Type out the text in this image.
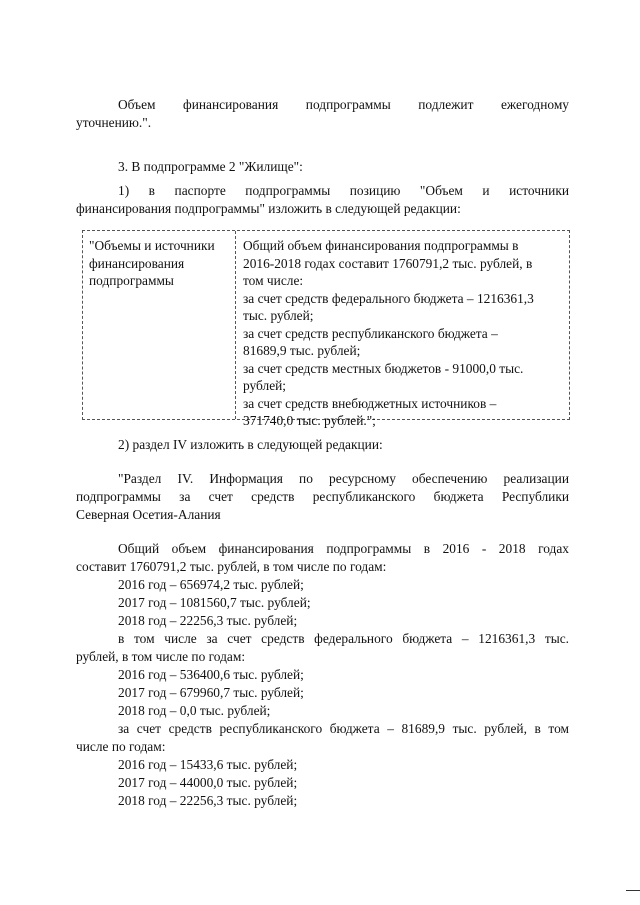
Объем финансирования подпрограммы подлежит ежегодному
уточнению.".

3. В подпрограмме 2 "Жилище":

1) в паспорте подпрограммы позицию "Объем и источники
финансирования подпрограммы" изложить в следующей редакции:

"Объемы и источники
финансирования
подпрограммы
Общий объем финансирования подпрограммы в
2016-2018 годах составит 1760791,2 тыс. рублей, в
том числе:
за счет средств федерального бюджета – 1216361,3
тыс. рублей;
за счет средств республиканского бюджета –
81689,9 тыс. рублей;
за счет средств местных бюджетов - 91000,0 тыс.
рублей;
за счет средств внебюджетных источников –
371740,0 тыс. рублей.";

2) раздел IV изложить в следующей редакции:

"Раздел IV. Информация по ресурсному обеспечению реализации
подпрограммы за счет средств республиканского бюджета Республики
Северная Осетия-Алания

Общий объем финансирования подпрограммы в 2016 - 2018 годах
составит 1760791,2 тыс. рублей, в том числе по годам:
2016 год – 656974,2 тыс. рублей;
2017 год – 1081560,7 тыс. рублей;
2018 год – 22256,3 тыс. рублей;
в том числе за счет средств федерального бюджета – 1216361,3 тыс.
рублей, в том числе по годам:
2016 год – 536400,6 тыс. рублей;
2017 год – 679960,7 тыс. рублей;
2018 год – 0,0 тыс. рублей;
за счет средств республиканского бюджета – 81689,9 тыс. рублей, в том
числе по годам:
2016 год – 15433,6 тыс. рублей;
2017 год – 44000,0 тыс. рублей;
2018 год – 22256,3 тыс. рублей;
